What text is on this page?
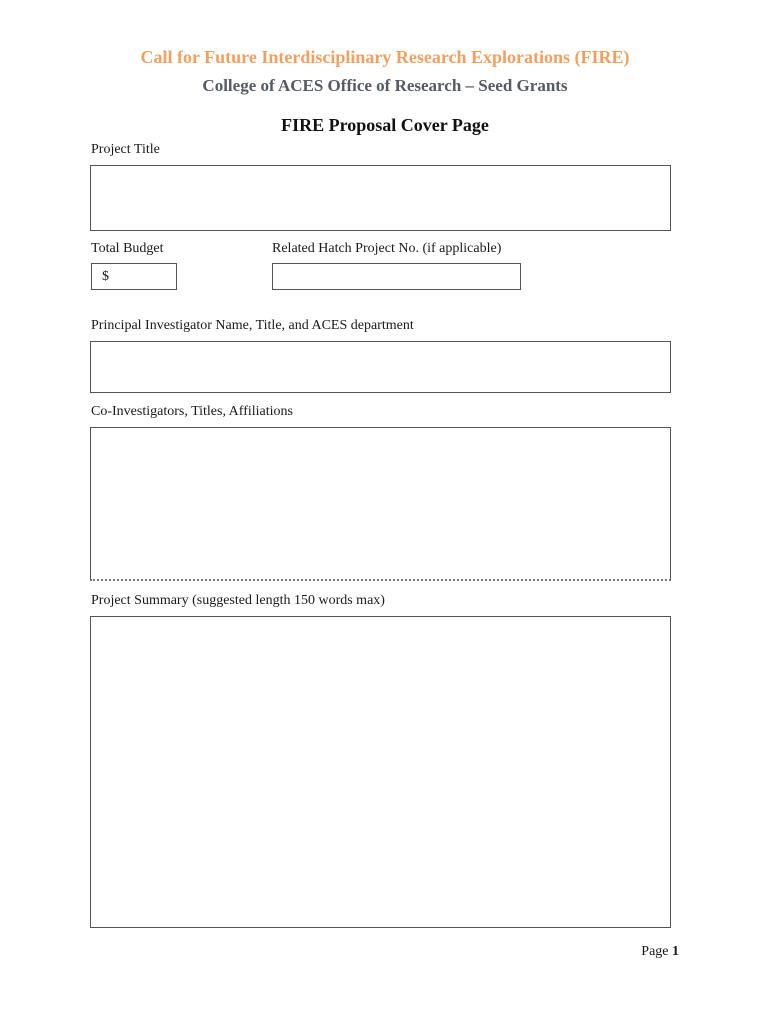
Call for Future Interdisciplinary Research Explorations (FIRE)
College of ACES Office of Research – Seed Grants
FIRE Proposal Cover Page
Project Title
Total Budget
$
Related Hatch Project No. (if applicable)
Principal Investigator Name, Title, and ACES department
Co-Investigators, Titles, Affiliations
Project Summary (suggested length 150 words max)
Page 1
